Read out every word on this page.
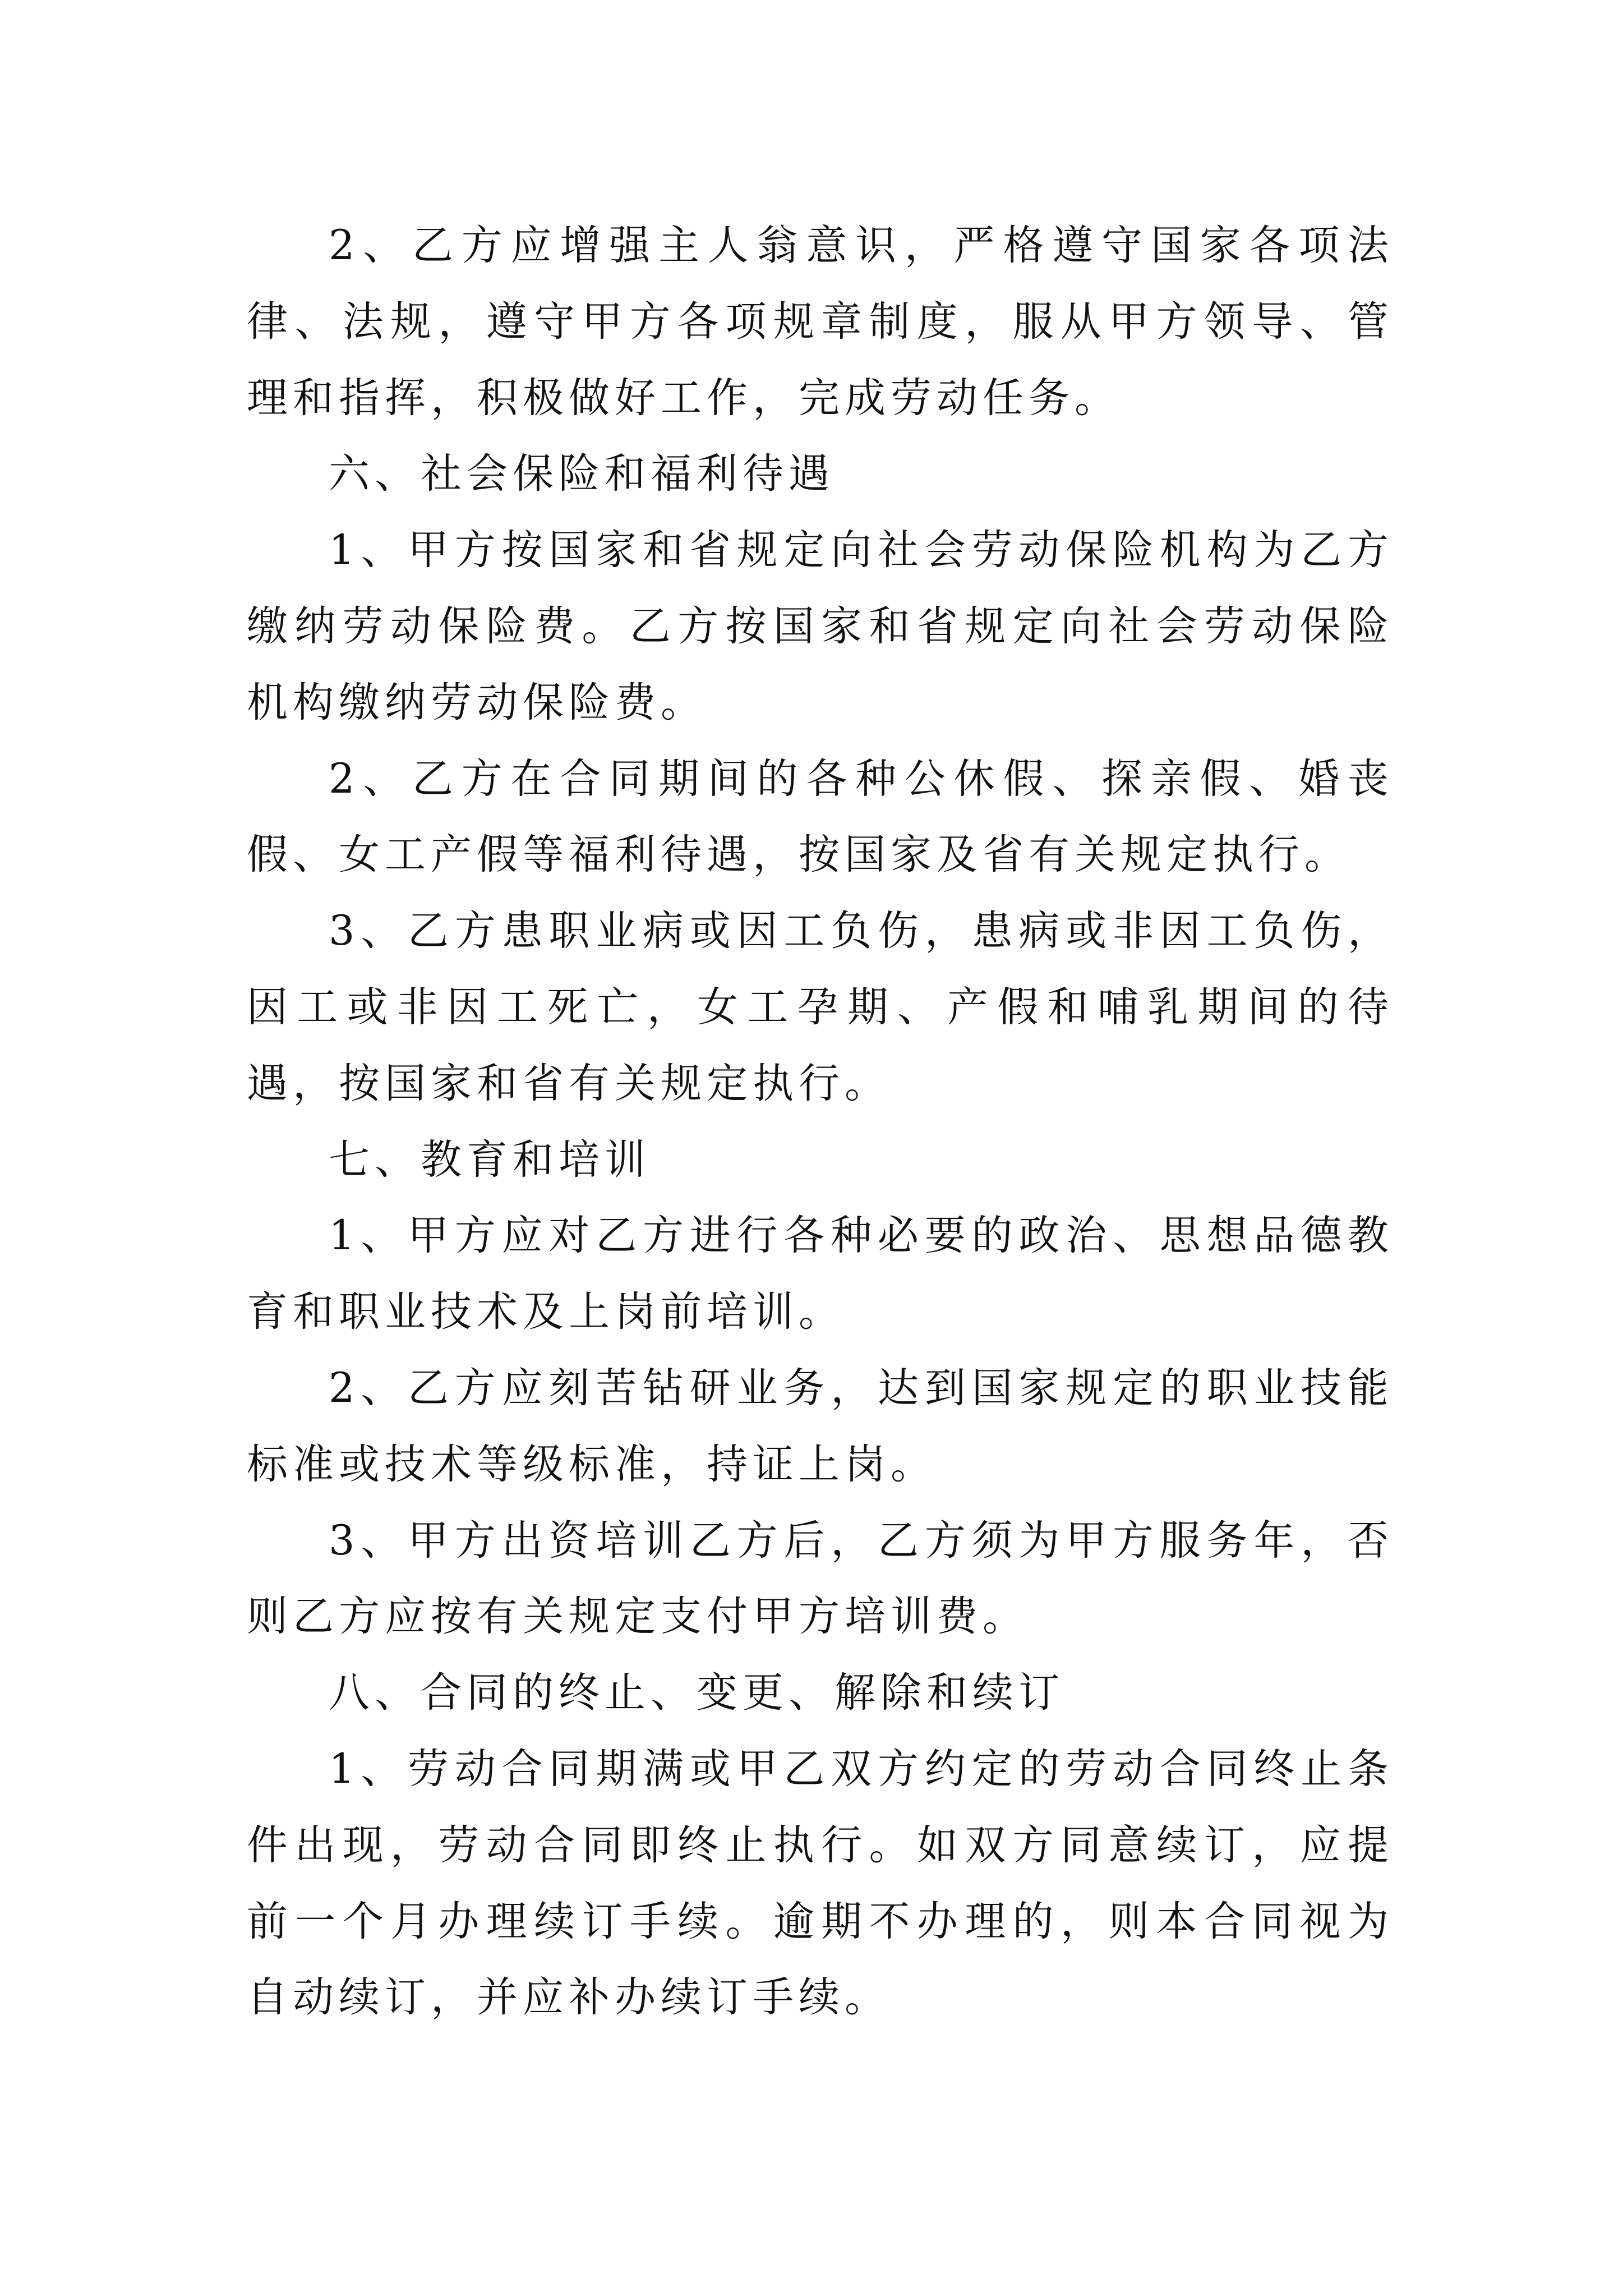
2、乙方应增强主人翁意识，严格遵守国家各项法律、法规，遵守甲方各项规章制度，服从甲方领导、管理和指挥，积极做好工作，完成劳动任务。

六、社会保险和福利待遇

1、甲方按国家和省规定向社会劳动保险机构为乙方缴纳劳动保险费。乙方按国家和省规定向社会劳动保险机构缴纳劳动保险费。

2、乙方在合同期间的各种公休假、探亲假、婚丧假、女工产假等福利待遇，按国家及省有关规定执行。

3、乙方患职业病或因工负伤，患病或非因工负伤，因工或非因工死亡，女工孕期、产假和哺乳期间的待遇，按国家和省有关规定执行。

七、教育和培训

1、甲方应对乙方进行各种必要的政治、思想品德教育和职业技术及上岗前培训。

2、乙方应刻苦钻研业务，达到国家规定的职业技能标准或技术等级标准，持证上岗。

3、甲方出资培训乙方后，乙方须为甲方服务年，否则乙方应按有关规定支付甲方培训费。

八、合同的终止、变更、解除和续订

1、劳动合同期满或甲乙双方约定的劳动合同终止条件出现，劳动合同即终止执行。如双方同意续订，应提前一个月办理续订手续。逾期不办理的，则本合同视为自动续订，并应补办续订手续。
